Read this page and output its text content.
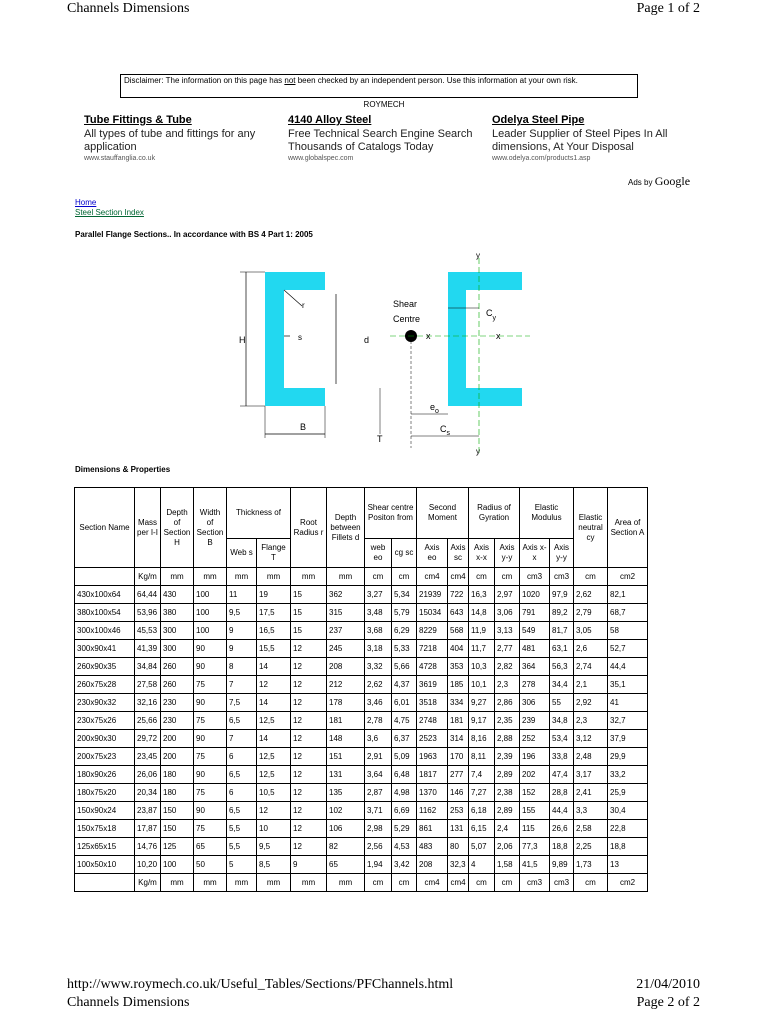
Channels Dimensions	Page 1 of 2
Disclaimer: The information on this page has not been checked by an independent person. Use this information at your own risk.
ROYMECH
Tube Fittings & Tube
All types of tube and fittings for any application
www.stauffanglia.co.uk
4140 Alloy Steel
Free Technical Search Engine Search Thousands of Catalogs Today
www.globalspec.com
Odelya Steel Pipe
Leader Supplier of Steel Pipes In All dimensions, At Your Disposal
www.odelya.com/products1.asp
Ads by Google
Home
Steel Section Index
Parallel Flange Sections.. In accordance with BS 4 Part 1: 2005
r
s
H	d
B
T
Shear
Centre
x	x
y
y
$C_y$
$e_o$
$C_s$
Dimensions & Properties
Section Name	Mass per I-I	Depth of Section H	Width of Section B	Thickness of		Root Radius r	Depth between Fillets d	Shear centre Positon from		Second Moment		Radius of Gyration		Elastic Modulus		Elastic neutral cy	Area of Section A
				Web s	Flange T			web eo	cg sc	Axis eo	Axis sc	Axis x-x	Axis y-y	Axis x-x	Axis y-y		
	Kg/m	mm	mm	mm	mm	mm	mm	cm	cm	cm4	cm4	cm	cm	cm3	cm3	cm	cm2
430x100x64	64,44	430	100	11	19	15	362	3,27	5,34	21939	722	16,3	2,97	1020	97,9	2,62	82,1
380x100x54	53,96	380	100	9,5	17,5	15	315	3,48	5,79	15034	643	14,8	3,06	791	89,2	2,79	68,7
300x100x46	45,53	300	100	9	16,5	15	237	3,68	6,29	8229	568	11,9	3,13	549	81,7	3,05	58
300x90x41	41,39	300	90	9	15,5	12	245	3,18	5,33	7218	404	11,7	2,77	481	63,1	2,6	52,7
260x90x35	34,84	260	90	8	14	12	208	3,32	5,66	4728	353	10,3	2,82	364	56,3	2,74	44,4
260x75x28	27,58	260	75	7	12	12	212	2,62	4,37	3619	185	10,1	2,3	278	34,4	2,1	35,1
230x90x32	32,16	230	90	7,5	14	12	178	3,46	6,01	3518	334	9,27	2,86	306	55	2,92	41
230x75x26	25,66	230	75	6,5	12,5	12	181	2,78	4,75	2748	181	9,17	2,35	239	34,8	2,3	32,7
200x90x30	29,72	200	90	7	14	12	148	3,6	6,37	2523	314	8,16	2,88	252	53,4	3,12	37,9
200x75x23	23,45	200	75	6	12,5	12	151	2,91	5,09	1963	170	8,11	2,39	196	33,8	2,48	29,9
180x90x26	26,06	180	90	6,5	12,5	12	131	3,64	6,48	1817	277	7,4	2,89	202	47,4	3,17	33,2
180x75x20	20,34	180	75	6	10,5	12	135	2,87	4,98	1370	146	7,27	2,38	152	28,8	2,41	25,9
150x90x24	23,87	150	90	6,5	12	12	102	3,71	6,69	1162	253	6,18	2,89	155	44,4	3,3	30,4
150x75x18	17,87	150	75	5,5	10	12	106	2,98	5,29	861	131	6,15	2,4	115	26,6	2,58	22,8
125x65x15	14,76	125	65	5,5	9,5	12	82	2,56	4,53	483	80	5,07	2,06	77,3	18,8	2,25	18,8
100x50x10	10,20	100	50	5	8,5	9	65	1,94	3,42	208	32,3	4	1,58	41,5	9,89	1,73	13
	Kg/m	mm	mm	mm	mm	mm	mm	cm	cm	cm4	cm4	cm	cm	cm3	cm3	cm	cm2
http://www.roymech.co.uk/Useful_Tables/Sections/PFChannels.html
Channels Dimensions
21/04/2010
Page 2 of 2
